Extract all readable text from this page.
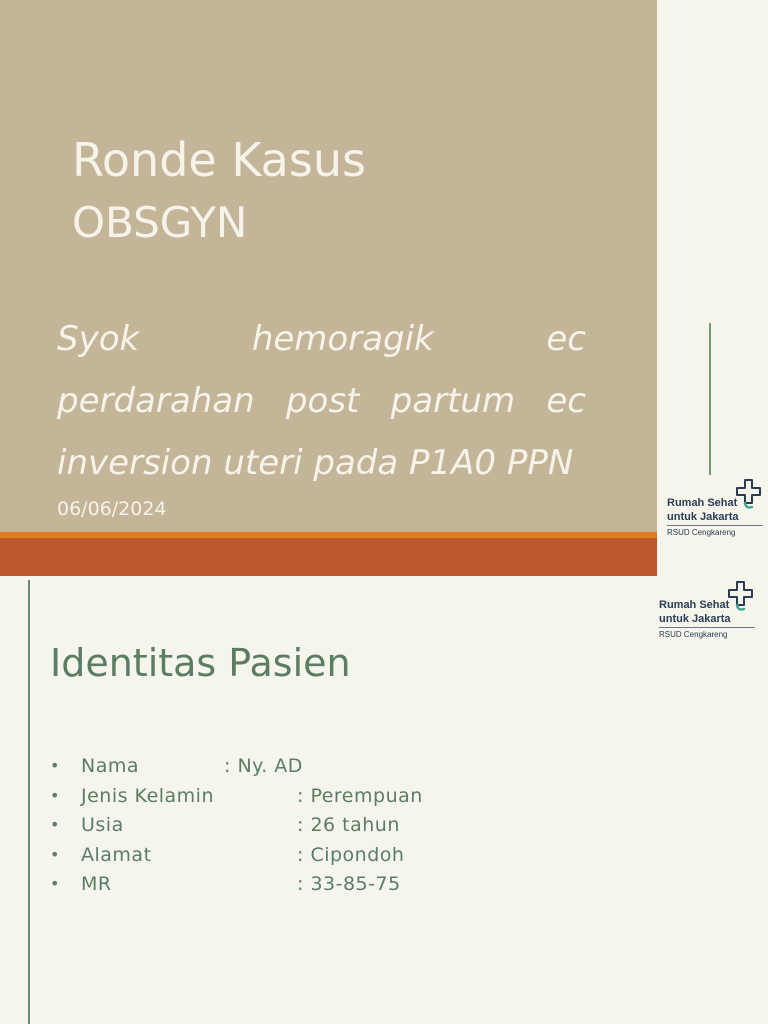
Ronde Kasus
OBSGYN
Syok hemoragik ec perdarahan post partum ec inversion uteri pada P1A0 PPN
06/06/2024	Rumah Sehat
untuk Jakarta
RSUD Cengkareng
Rumah Sehat
untuk Jakarta
RSUD Cengkareng
Identitas Pasien
• Nama	: Ny. AD
• Jenis Kelamin	: Perempuan
• Usia	: 26 tahun
• Alamat	: Cipondoh
• MR	: 33-85-75
